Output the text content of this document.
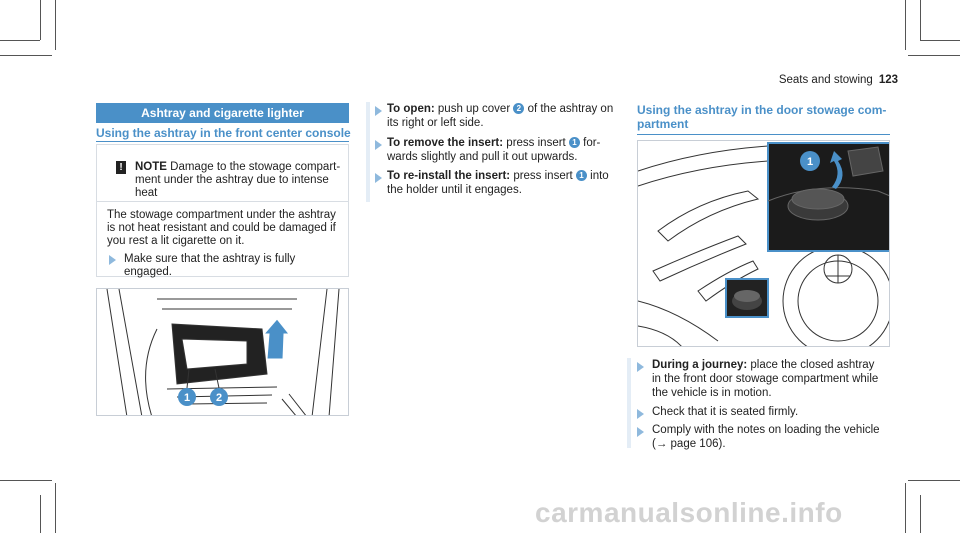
Seats and stowing 123
Ashtray and cigarette lighter
Using the ashtray in the front center console
! NOTE Damage to the stowage compart-
ment under the ashtray due to intense
heat
The stowage compartment under the ashtray
is not heat resistant and could be damaged if
you rest a lit cigarette on it.
Make sure that the ashtray is fully
engaged.
1 2
To open: push up cover 2 of the ashtray on
its right or left side.
To remove the insert: press insert 1 for-
wards slightly and pull it out upwards.
To re-install the insert: press insert 1 into
the holder until it engages.
Using the ashtray in the door stowage com-
partment
1
During a journey: place the closed ashtray
in the front door stowage compartment while
the vehicle is in motion.
Check that it is seated firmly.
Comply with the notes on loading the vehicle
(→ page 106).
carmanualsonline.info
